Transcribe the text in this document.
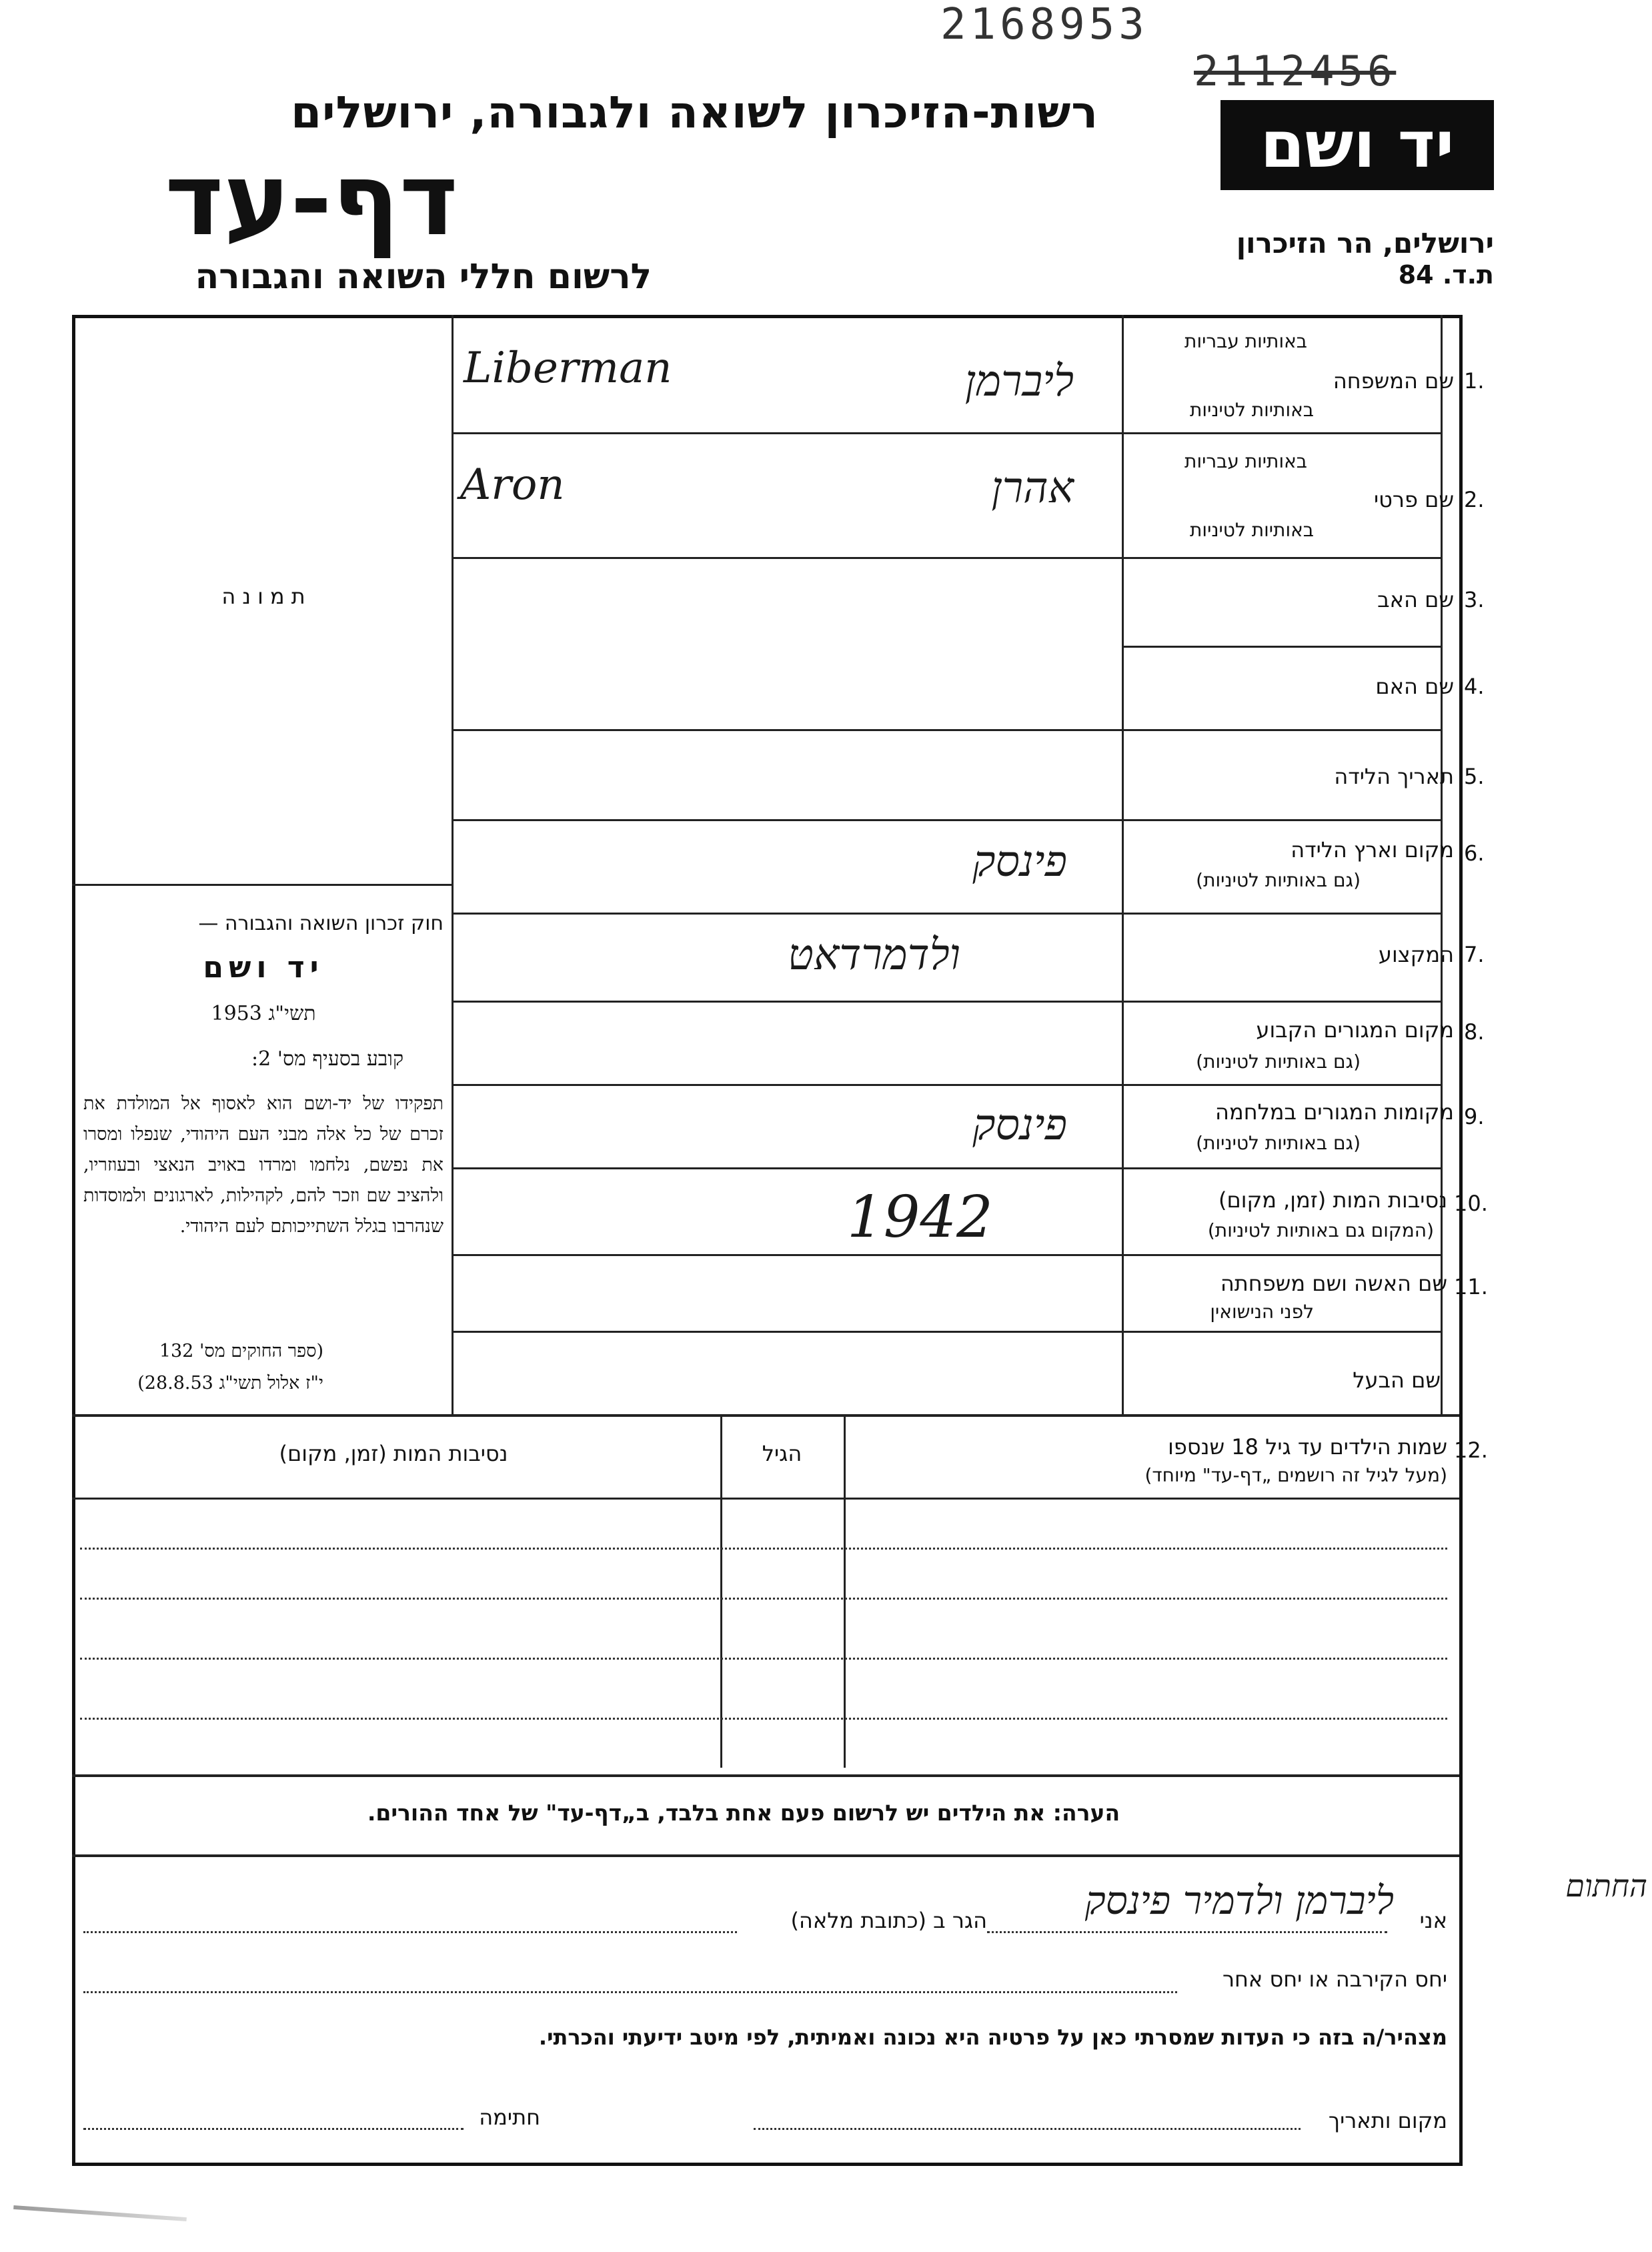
2168953
2112456
רשות-הזיכרון לשואה ולגבורה, ירושלים
דף-עד
לרשום חללי השואה והגבורה
יד ושם
ירושלים, הר הזיכרון
ת.ד. 84
תמונה
באותיות עבריות
1.
שם המשפחה
באותיות לטיניות
ליברמן
Liberman
באותיות עבריות
2.
שם פרטי
באותיות לטיניות
אהרן
Aron
3.
שם האב
4.
שם האם
5.
תאריך הלידה
6.
מקום וארץ הלידה
(גם באותיות לטיניות)
פינסק
7.
המקצוע
ולדמרדאט
8.
מקום המגורים הקבוע
(גם באותיות לטיניות)
9.
מקומות המגורים במלחמה
(גם באותיות לטיניות)
פינסק
10.
נסיבות המות (זמן, מקום)
(המקום גם באותיות לטיניות)
1942
11.
שם האשה ושם משפחתה
לפני הנישואין
שם הבעל
חוק זכרון השואה והגבורה —
יד ושם
תשי"ג 1953
קובע בסעיף מס' 2:
תפקידו של יד-ושם הוא לאסוף אל המולדת את זכרם של כל אלה מבני העם היהודי, שנפלו ומסרו את נפשם, נלחמו ומרדו באויב הנאצי ובעוזריו, ולהציב שם וזכר להם, לקהילות, לארגונים ולמוסדות שנהרבו בגלל השתייכותם לעם היהודי.
(ספר החוקים מס' 132
י"ז אלול תשי"ג 28.8.53)
12.
שמות הילדים עד גיל 18 שנספו
(מעל לגיל זה רושמים „דף-עד" מיוחד)
הגיל
נסיבות המות (זמן, מקום)
הערה: את הילדים יש לרשום פעם אחת בלבד, ב„דף-עד" של אחד ההורים.
החתום
אני
ליברמן ולדמיר פינסק
הגר ב (כתובת מלאה)
יחס הקירבה או יחס אחר
מצהיר/ה בזה כי העדות שמסרתי כאן על פרטיה היא נכונה ואמיתית, לפי מיטב ידיעתי והכרתי.
מקום ותאריך
חתימה
